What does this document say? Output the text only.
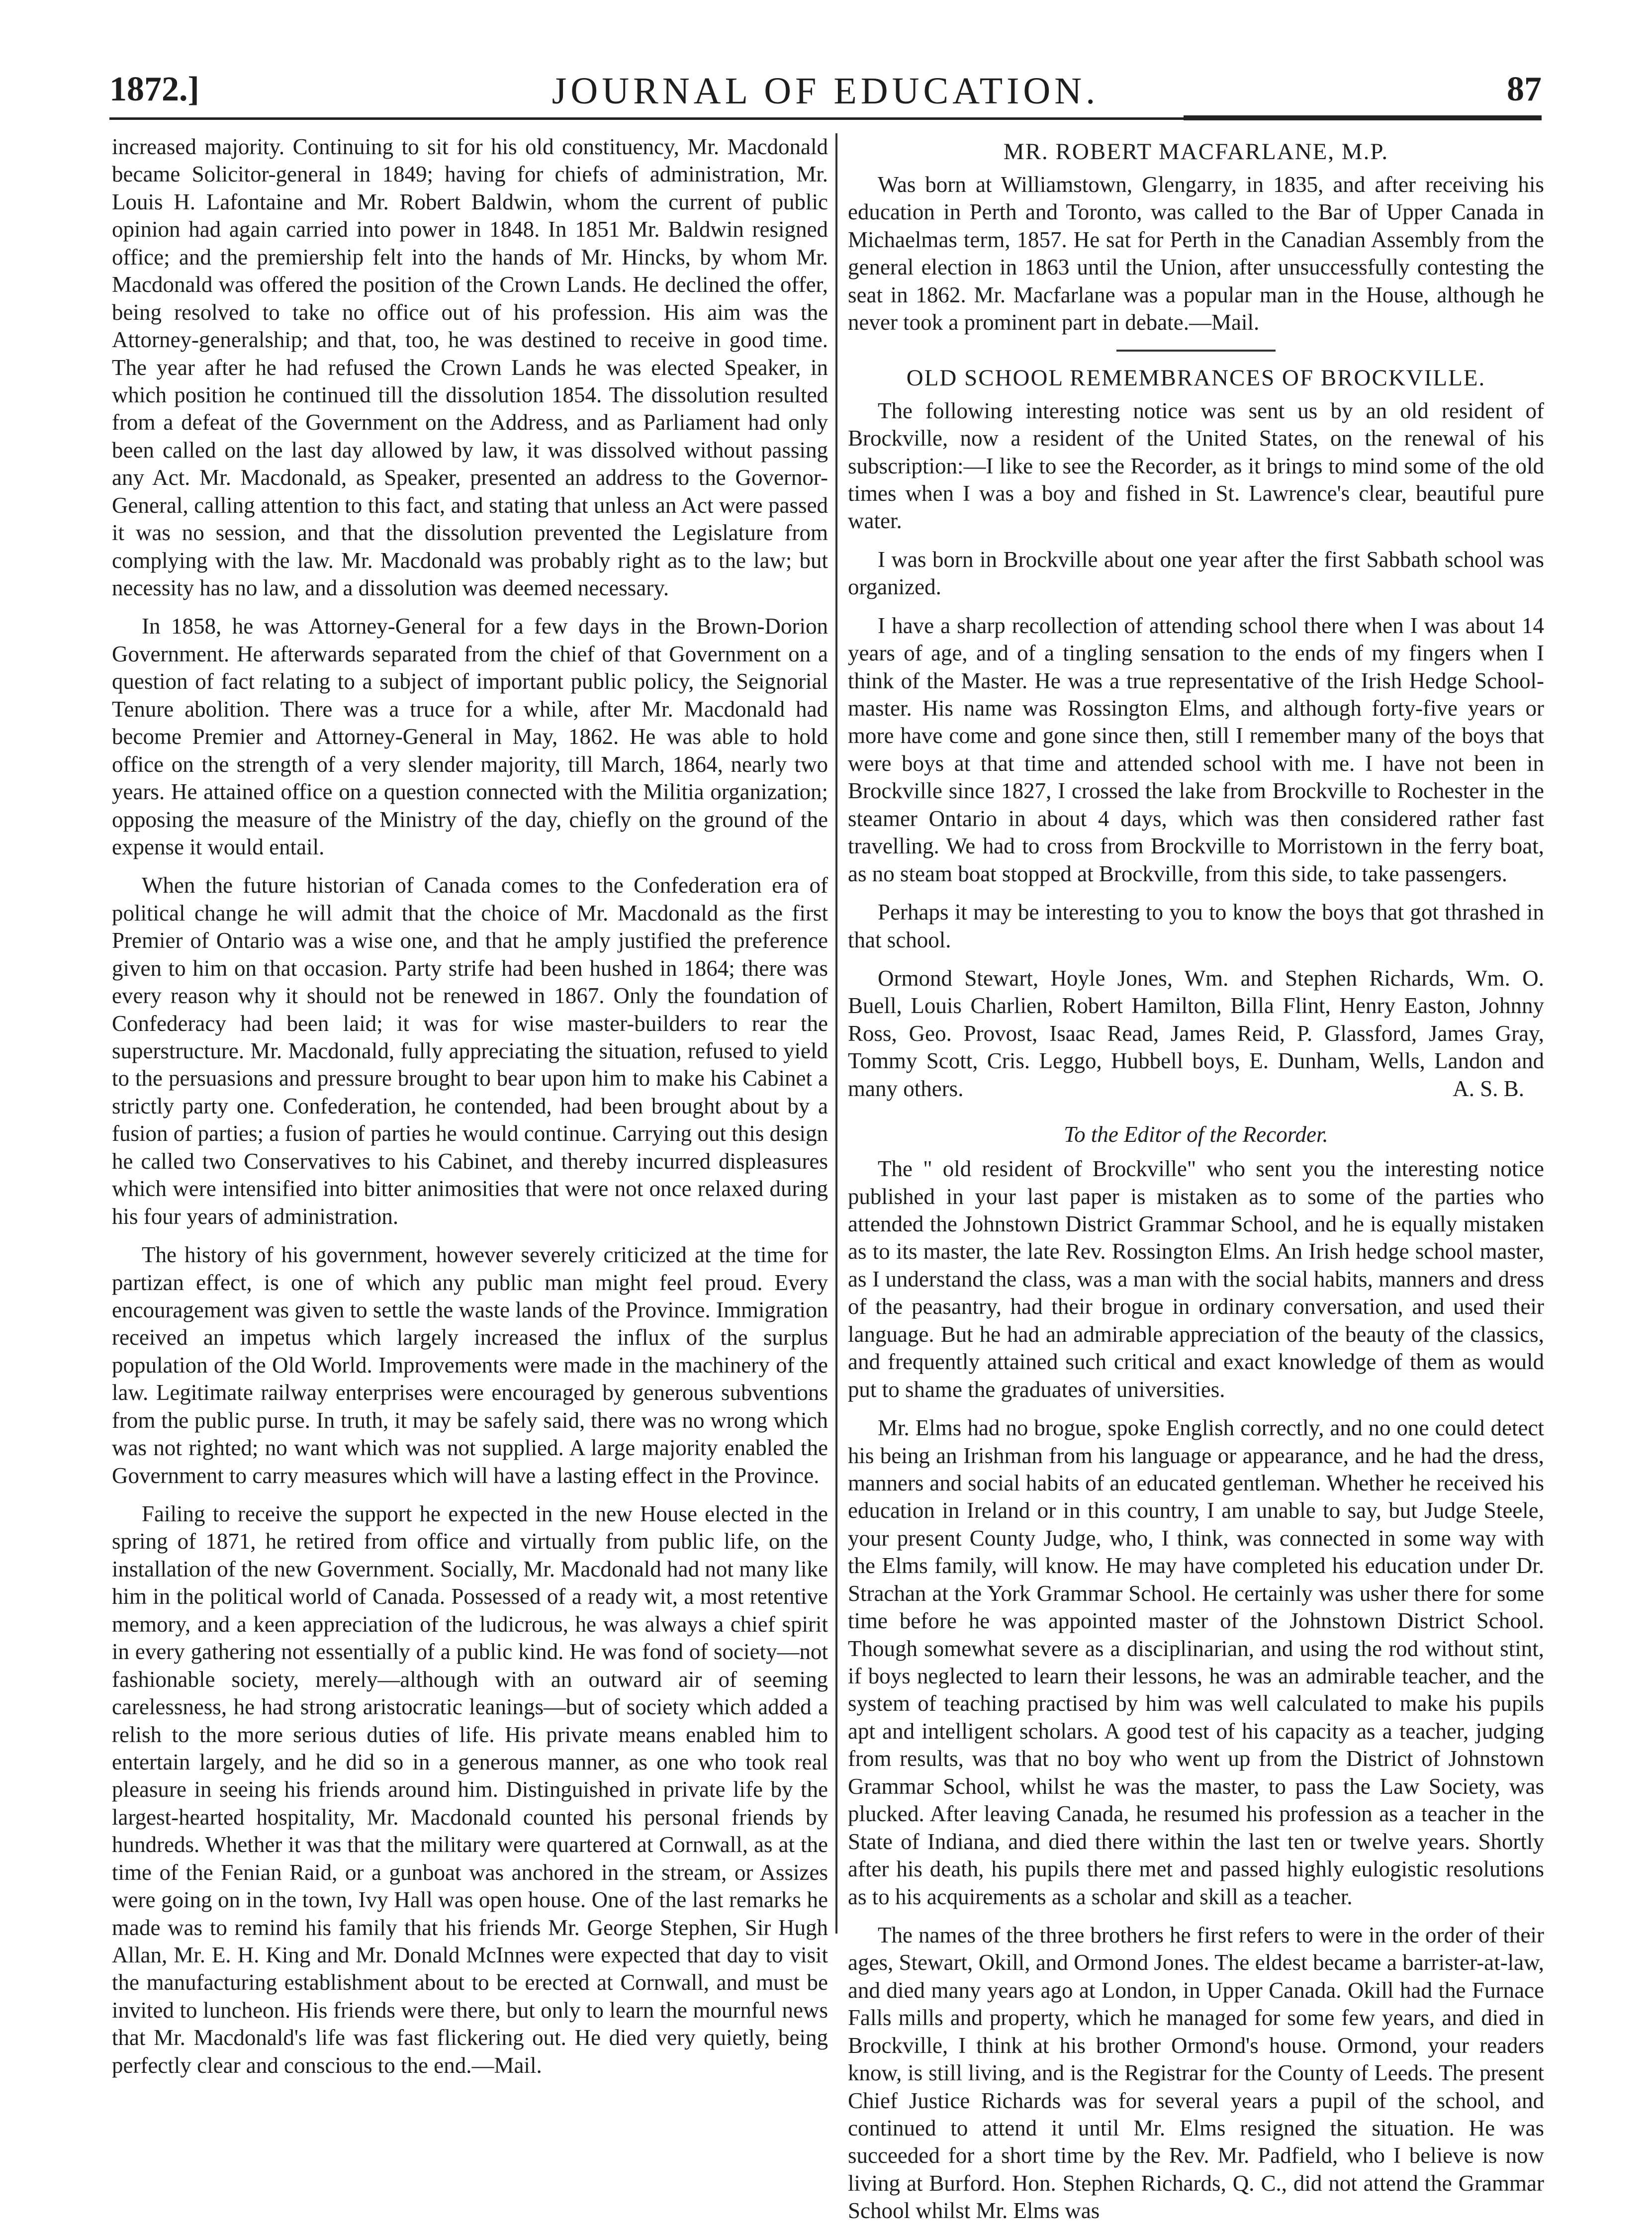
1872.]	JOURNAL OF EDUCATION.	87

increased majority. Continuing to sit for his old constituency, Mr. Macdonald became Solicitor-general in 1849; having for chiefs of administration, Mr. Louis H. Lafontaine and Mr. Robert Baldwin, whom the current of public opinion had again carried into power in 1848. In 1851 Mr. Baldwin resigned office; and the premiership felt into the hands of Mr. Hincks, by whom Mr. Macdonald was offered the position of the Crown Lands. He declined the offer, being resolved to take no office out of his profession. His aim was the Attorney-generalship; and that, too, he was destined to receive in good time. The year after he had refused the Crown Lands he was elected Speaker, in which position he continued till the dissolution 1854. The dissolution resulted from a defeat of the Government on the Address, and as Parliament had only been called on the last day allowed by law, it was dissolved without passing any Act. Mr. Macdonald, as Speaker, presented an address to the Governor-General, calling attention to this fact, and stating that unless an Act were passed it was no session, and that the dissolution prevented the Legislature from complying with the law. Mr. Macdonald was probably right as to the law; but necessity has no law, and a dissolution was deemed necessary.

In 1858, he was Attorney-General for a few days in the Brown-Dorion Government. He afterwards separated from the chief of that Government on a question of fact relating to a subject of important public policy, the Seignorial Tenure abolition. There was a truce for a while, after Mr. Macdonald had become Premier and Attorney-General in May, 1862. He was able to hold office on the strength of a very slender majority, till March, 1864, nearly two years. He attained office on a question connected with the Militia organization; opposing the measure of the Ministry of the day, chiefly on the ground of the expense it would entail.

When the future historian of Canada comes to the Confederation era of political change he will admit that the choice of Mr. Macdonald as the first Premier of Ontario was a wise one, and that he amply justified the preference given to him on that occasion. Party strife had been hushed in 1864; there was every reason why it should not be renewed in 1867. Only the foundation of Confederacy had been laid; it was for wise master-builders to rear the superstructure. Mr. Macdonald, fully appreciating the situation, refused to yield to the persuasions and pressure brought to bear upon him to make his Cabinet a strictly party one. Confederation, he contended, had been brought about by a fusion of parties; a fusion of parties he would continue. Carrying out this design he called two Conservatives to his Cabinet, and thereby incurred displeasures which were intensified into bitter animosities that were not once relaxed during his four years of administration.

The history of his government, however severely criticized at the time for partizan effect, is one of which any public man might feel proud. Every encouragement was given to settle the waste lands of the Province. Immigration received an impetus which largely increased the influx of the surplus population of the Old World. Improvements were made in the machinery of the law. Legitimate railway enterprises were encouraged by generous subventions from the public purse. In truth, it may be safely said, there was no wrong which was not righted; no want which was not supplied. A large majority enabled the Government to carry measures which will have a lasting effect in the Province.

Failing to receive the support he expected in the new House elected in the spring of 1871, he retired from office and virtually from public life, on the installation of the new Government. Socially, Mr. Macdonald had not many like him in the political world of Canada. Possessed of a ready wit, a most retentive memory, and a keen appreciation of the ludicrous, he was always a chief spirit in every gathering not essentially of a public kind. He was fond of society—not fashionable society, merely—although with an outward air of seeming carelessness, he had strong aristocratic leanings—but of society which added a relish to the more serious duties of life. His private means enabled him to entertain largely, and he did so in a generous manner, as one who took real pleasure in seeing his friends around him. Distinguished in private life by the largest-hearted hospitality, Mr. Macdonald counted his personal friends by hundreds. Whether it was that the military were quartered at Cornwall, as at the time of the Fenian Raid, or a gunboat was anchored in the stream, or Assizes were going on in the town, Ivy Hall was open house. One of the last remarks he made was to remind his family that his friends Mr. George Stephen, Sir Hugh Allan, Mr. E. H. King and Mr. Donald McInnes were expected that day to visit the manufacturing establishment about to be erected at Cornwall, and must be invited to luncheon. His friends were there, but only to learn the mournful news that Mr. Macdonald's life was fast flickering out. He died very quietly, being perfectly clear and conscious to the end.—Mail.

MR. ROBERT MACFARLANE, M.P.

Was born at Williamstown, Glengarry, in 1835, and after receiving his education in Perth and Toronto, was called to the Bar of Upper Canada in Michaelmas term, 1857. He sat for Perth in the Canadian Assembly from the general election in 1863 until the Union, after unsuccessfully contesting the seat in 1862. Mr. Macfarlane was a popular man in the House, although he never took a prominent part in debate.—Mail.

OLD SCHOOL REMEMBRANCES OF BROCKVILLE.

The following interesting notice was sent us by an old resident of Brockville, now a resident of the United States, on the renewal of his subscription:—I like to see the Recorder, as it brings to mind some of the old times when I was a boy and fished in St. Lawrence's clear, beautiful pure water.

I was born in Brockville about one year after the first Sabbath school was organized.

I have a sharp recollection of attending school there when I was about 14 years of age, and of a tingling sensation to the ends of my fingers when I think of the Master. He was a true representative of the Irish Hedge School-master. His name was Rossington Elms, and although forty-five years or more have come and gone since then, still I remember many of the boys that were boys at that time and attended school with me. I have not been in Brockville since 1827, I crossed the lake from Brockville to Rochester in the steamer Ontario in about 4 days, which was then considered rather fast travelling. We had to cross from Brockville to Morristown in the ferry boat, as no steam boat stopped at Brockville, from this side, to take passengers.

Perhaps it may be interesting to you to know the boys that got thrashed in that school.

Ormond Stewart, Hoyle Jones, Wm. and Stephen Richards, Wm. O. Buell, Louis Charlien, Robert Hamilton, Billa Flint, Henry Easton, Johnny Ross, Geo. Provost, Isaac Read, James Reid, P. Glassford, James Gray, Tommy Scott, Cris. Leggo, Hubbell boys, E. Dunham, Wells, Landon and many others.	A. S. B.

To the Editor of the Recorder.

The " old resident of Brockville" who sent you the interesting notice published in your last paper is mistaken as to some of the parties who attended the Johnstown District Grammar School, and he is equally mistaken as to its master, the late Rev. Rossington Elms. An Irish hedge school master, as I understand the class, was a man with the social habits, manners and dress of the peasantry, had their brogue in ordinary conversation, and used their language. But he had an admirable appreciation of the beauty of the classics, and frequently attained such critical and exact knowledge of them as would put to shame the graduates of universities.

Mr. Elms had no brogue, spoke English correctly, and no one could detect his being an Irishman from his language or appearance, and he had the dress, manners and social habits of an educated gentleman. Whether he received his education in Ireland or in this country, I am unable to say, but Judge Steele, your present County Judge, who, I think, was connected in some way with the Elms family, will know. He may have completed his education under Dr. Strachan at the York Grammar School. He certainly was usher there for some time before he was appointed master of the Johnstown District School. Though somewhat severe as a disciplinarian, and using the rod without stint, if boys neglected to learn their lessons, he was an admirable teacher, and the system of teaching practised by him was well calculated to make his pupils apt and intelligent scholars. A good test of his capacity as a teacher, judging from results, was that no boy who went up from the District of Johnstown Grammar School, whilst he was the master, to pass the Law Society, was plucked. After leaving Canada, he resumed his profession as a teacher in the State of Indiana, and died there within the last ten or twelve years. Shortly after his death, his pupils there met and passed highly eulogistic resolutions as to his acquirements as a scholar and skill as a teacher.

The names of the three brothers he first refers to were in the order of their ages, Stewart, Okill, and Ormond Jones. The eldest became a barrister-at-law, and died many years ago at London, in Upper Canada. Okill had the Furnace Falls mills and property, which he managed for some few years, and died in Brockville, I think at his brother Ormond's house. Ormond, your readers know, is still living, and is the Registrar for the County of Leeds. The present Chief Justice Richards was for several years a pupil of the school, and continued to attend it until Mr. Elms resigned the situation. He was succeeded for a short time by the Rev. Mr. Padfield, who I believe is now living at Burford. Hon. Stephen Richards, Q. C., did not attend the Grammar School whilst Mr. Elms was
